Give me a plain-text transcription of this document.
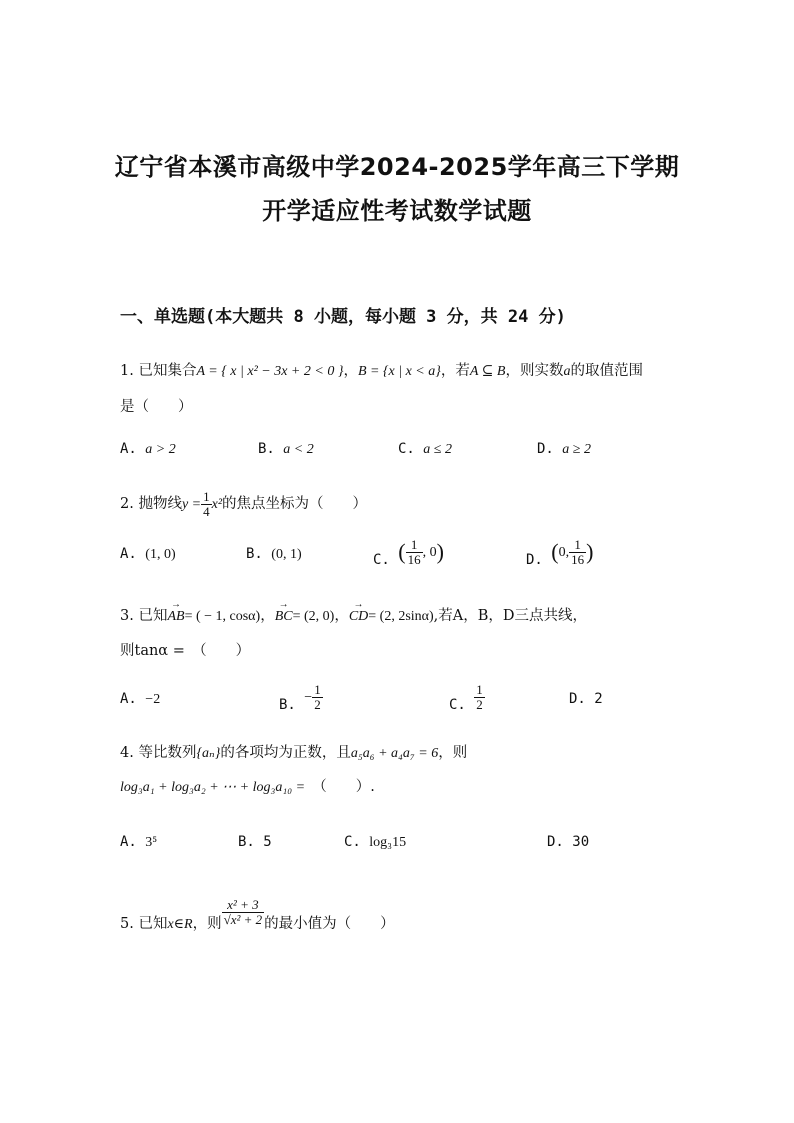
辽宁省本溪市高级中学2024-2025学年高三下学期
开学适应性考试数学试题
一、单选题(本大题共 8 小题，每小题 3 分，共 24 分)
1. 已知集合A = { x | x² − 3x + 2 < 0 }，B = {x | x < a}，若A ⊆ B，则实数a的取值范围
是（　　）
A. a > 2	B. a < 2	C. a ≤ 2	D. a ≥ 2
2. 抛物线$y = \frac{1}{4} x^2$的焦点坐标为（　　）
A. (1, 0)	B. (0, 1)	C. ( $\frac{1}{16}$ , 0)	D. (0, $\frac{1}{16}$ )
3. 已知→ AB= ( − 1, cosα)，→ BC= (2, 0)，→ CD= (2, 2sinα),若A，B，D三点共线，
则tanα =　 （　　）
A. −2	B. − $\frac{1}{2}$	C. $\frac{1}{2}$	D. 2
4. 等比数列{aₙ}的各项均为正数，且a₅a₆ + a₄a₇ = 6，则
log₃a₁ + log₃a₂ + ⋯ + log₃a₁₀ =　 （　　）.
A. 3⁵	B. 5	C. log₃15	D. 30
5. 已知x∈R，则 $\frac{\text{x² + 3}}{\text{√x² + 2}}$ 的最小值为（　　）
